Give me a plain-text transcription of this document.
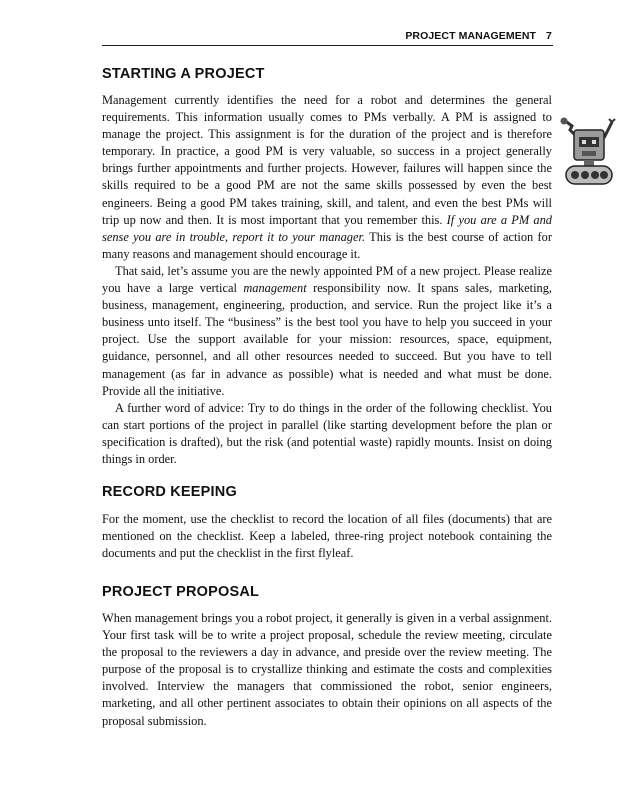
PROJECT MANAGEMENT 7
STARTING A PROJECT

Management currently identifies the need for a robot and determines the general requirements. This information usually comes to PMs verbally. A PM is assigned to manage the project. This assignment is for the duration of the project and is therefore temporary. In practice, a good PM is very valuable, so success in a project generally brings further appointments and further projects. However, failures will happen since the skills required to be a good PM are not the same skills possessed by even the best engineers. Being a good PM takes training, skill, and talent, and even the best PMs will trip up now and then. It is most important that you remember this. If you are a PM and sense you are in trouble, report it to your manager. This is the best course of action for many reasons and management should encourage it.

That said, let’s assume you are the newly appointed PM of a new project. Please realize you have a large vertical management responsibility now. It spans sales, marketing, business, management, engineering, production, and service. Run the project like it’s a business unto itself. The “business” is the best tool you have to help you succeed in your project. Use the support available for your mission: resources, space, equipment, guidance, personnel, and all other resources needed to succeed. But you have to tell management (as far in advance as possible) what is needed and what must be done. Provide all the initiative.

A further word of advice: Try to do things in the order of the following checklist. You can start portions of the project in parallel (like starting development before the plan or specification is drafted), but the risk (and potential waste) rapidly mounts. Insist on doing things in order.

RECORD KEEPING

For the moment, use the checklist to record the location of all files (documents) that are mentioned on the checklist. Keep a labeled, three-ring project notebook containing the documents and put the checklist in the first flyleaf.

PROJECT PROPOSAL

When management brings you a robot project, it generally is given in a verbal assignment. Your first task will be to write a project proposal, schedule the review meeting, circulate the proposal to the reviewers a day in advance, and preside over the review meeting. The purpose of the proposal is to crystallize thinking and estimate the costs and complexities involved. Interview the managers that commissioned the robot, senior engineers, marketing, and all other pertinent associates to obtain their opinions on all aspects of the proposal submission.
